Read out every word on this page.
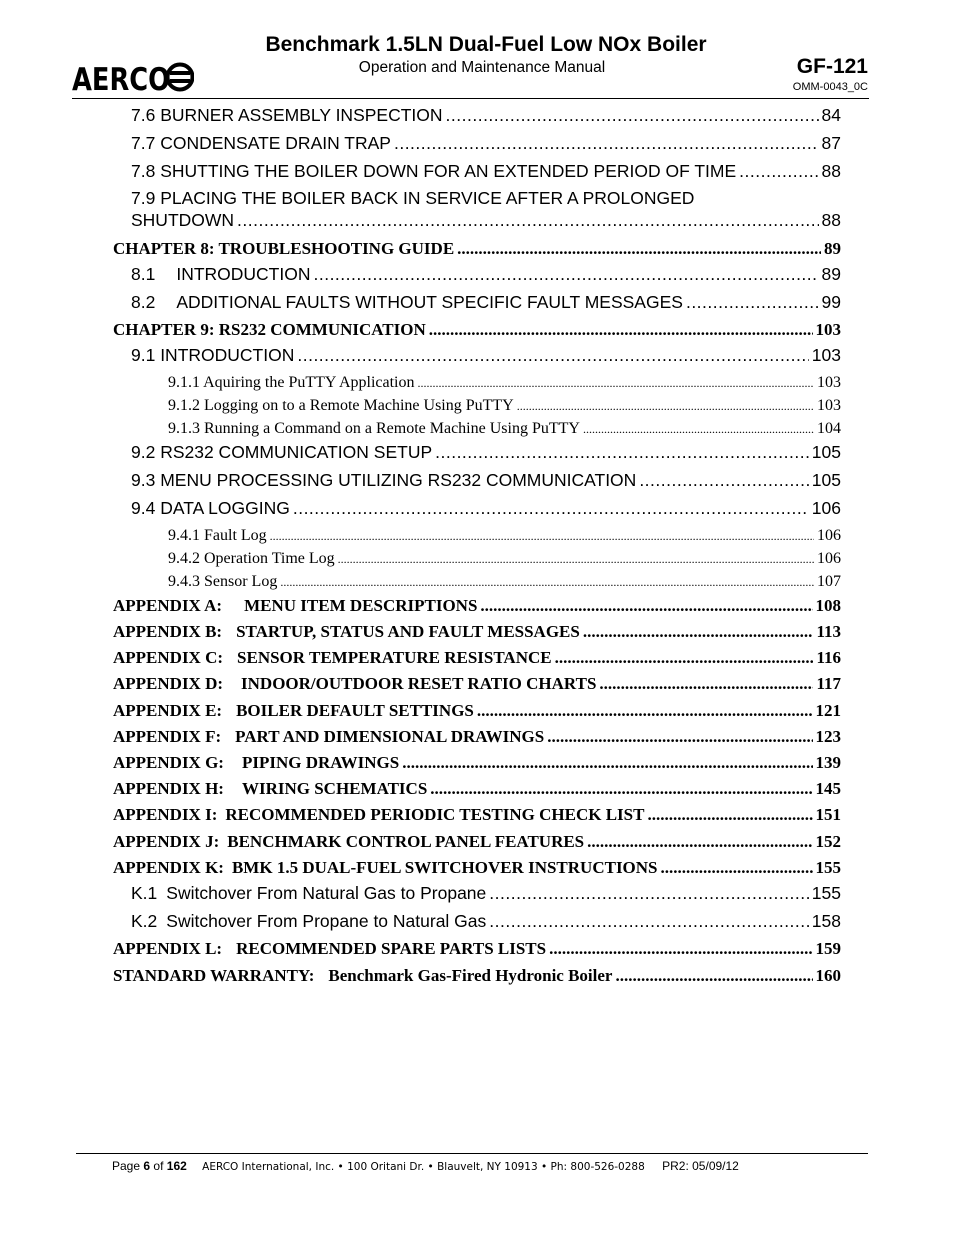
AERCO
Benchmark 1.5LN Dual-Fuel Low NOx Boiler
Operation and Maintenance Manual	GF-121
OMM-0043_0C
7.6 BURNER ASSEMBLY INSPECTION .....	84
7.7 CONDENSATE DRAIN TRAP .....	87
7.8 SHUTTING THE BOILER DOWN FOR AN EXTENDED PERIOD OF TIME .....	88
7.9 PLACING THE BOILER BACK IN SERVICE AFTER A PROLONGED
SHUTDOWN .....	88
CHAPTER 8: TROUBLESHOOTING GUIDE .....	89
8.1 INTRODUCTION .....	89
8.2 ADDITIONAL FAULTS WITHOUT SPECIFIC FAULT MESSAGES .....	99
CHAPTER 9: RS232 COMMUNICATION .....	103
9.1 INTRODUCTION .....	103
9.1.1 Aquiring the PuTTY Application .....	103
9.1.2 Logging on to a Remote Machine Using PuTTY .....	103
9.1.3 Running a Command on a Remote Machine Using PuTTY .....	104
9.2 RS232 COMMUNICATION SETUP .....	105
9.3 MENU PROCESSING UTILIZING RS232 COMMUNICATION .....	105
9.4 DATA LOGGING .....	106
9.4.1 Fault Log .....	106
9.4.2 Operation Time Log .....	106
9.4.3 Sensor Log .....	107
APPENDIX A: MENU ITEM DESCRIPTIONS .....	108
APPENDIX B: STARTUP, STATUS AND FAULT MESSAGES .....	113
APPENDIX C: SENSOR TEMPERATURE RESISTANCE .....	116
APPENDIX D: INDOOR/OUTDOOR RESET RATIO CHARTS .....	117
APPENDIX E: BOILER DEFAULT SETTINGS .....	121
APPENDIX F: PART AND DIMENSIONAL DRAWINGS .....	123
APPENDIX G: PIPING DRAWINGS .....	139
APPENDIX H: WIRING SCHEMATICS .....	145
APPENDIX I: RECOMMENDED PERIODIC TESTING CHECK LIST .....	151
APPENDIX J: BENCHMARK CONTROL PANEL FEATURES .....	152
APPENDIX K: BMK 1.5 DUAL-FUEL SWITCHOVER INSTRUCTIONS .....	155
K.1 Switchover From Natural Gas to Propane .....	155
K.2 Switchover From Propane to Natural Gas .....	158
APPENDIX L: RECOMMENDED SPARE PARTS LISTS .....	159
STANDARD WARRANTY: Benchmark Gas-Fired Hydronic Boiler .....	160
Page 6 of 162 AERCO International, Inc. • 100 Oritani Dr. • Blauvelt, NY 10913 • Ph: 800-526-0288 PR2: 05/09/12
